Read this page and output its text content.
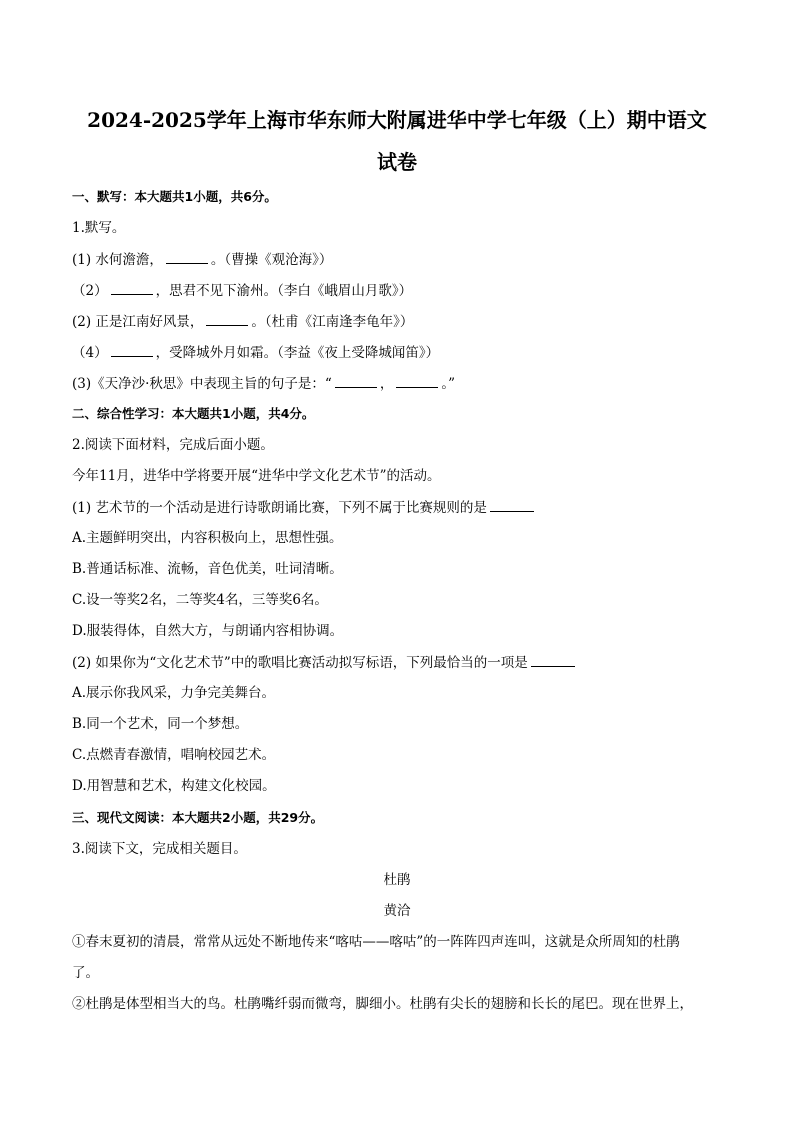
2024-2025学年上海市华东师大附属进华中学七年级（上）期中语文
试卷
一、默写：本大题共1小题，共6分。
1.默写。
(1) 水何澹澹，	。（曹操《观沧海》）
（2）	，思君不见下渝州。（李白《峨眉山月歌》）
(2) 正是江南好风景，	。（杜甫《江南逢李龟年》）
（4）	，受降城外月如霜。（李益《夜上受降城闻笛》）
(3)《天净沙·秋思》中表现主旨的句子是：“	，	。”
二、综合性学习：本大题共1小题，共4分。
2.阅读下面材料，完成后面小题。
今年11月，进华中学将要开展“进华中学文化艺术节”的活动。
(1) 艺术节的一个活动是进行诗歌朗诵比赛，下列不属于比赛规则的是
A.主题鲜明突出，内容积极向上，思想性强。
B.普通话标准、流畅，音色优美，吐词清晰。
C.设一等奖2名，二等奖4名，三等奖6名。
D.服装得体，自然大方，与朗诵内容相协调。
(2) 如果你为“文化艺术节”中的歌唱比赛活动拟写标语，下列最恰当的一项是
A.展示你我风采，力争完美舞台。
B.同一个艺术，同一个梦想。
C.点燃青春激情，唱响校园艺术。
D.用智慧和艺术，构建文化校园。
三、现代文阅读：本大题共2小题，共29分。
3.阅读下文，完成相关题目。
杜鹃
黄洽
①春末夏初的清晨，常常从远处不断地传来“喀咕——喀咕”的一阵阵四声连叫，这就是众所周知的杜鹃
了。
②杜鹃是体型相当大的鸟。杜鹃嘴纤弱而微弯，脚细小。杜鹃有尖长的翅膀和长长的尾巴。现在世界上，
